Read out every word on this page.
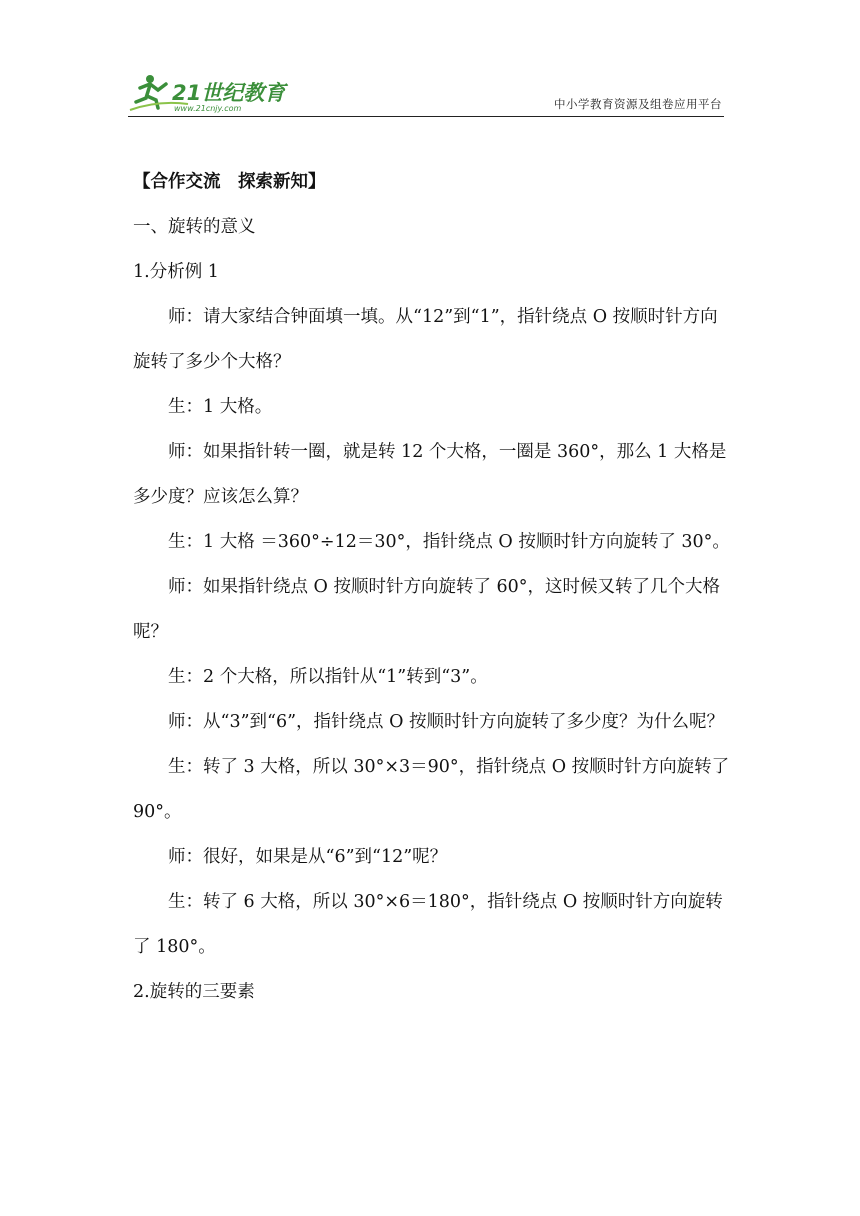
21世纪教育
www.21cnjy.com	中小学教育资源及组卷应用平台

【合作交流　探索新知】

一、旋转的意义

1.分析例 1

师：请大家结合钟面填一填。从“12”到“1”，指针绕点 O 按顺时针方向旋转了多少个大格？

生：1 大格。

师：如果指针转一圈，就是转 12 个大格，一圈是 360°，那么 1 大格是多少度？应该怎么算？

生：1 大格 ＝360°÷12＝30°，指针绕点 O 按顺时针方向旋转了 30°。

师：如果指针绕点 O 按顺时针方向旋转了 60°，这时候又转了几个大格呢？

生：2 个大格，所以指针从“1”转到“3”。

师：从“3”到“6”，指针绕点 O 按顺时针方向旋转了多少度？为什么呢？

生：转了 3 大格，所以 30°×3＝90°，指针绕点 O 按顺时针方向旋转了 90°。

师：很好，如果是从“6”到“12”呢？

生：转了 6 大格，所以 30°×6＝180°，指针绕点 O 按顺时针方向旋转了 180°。

2.旋转的三要素
